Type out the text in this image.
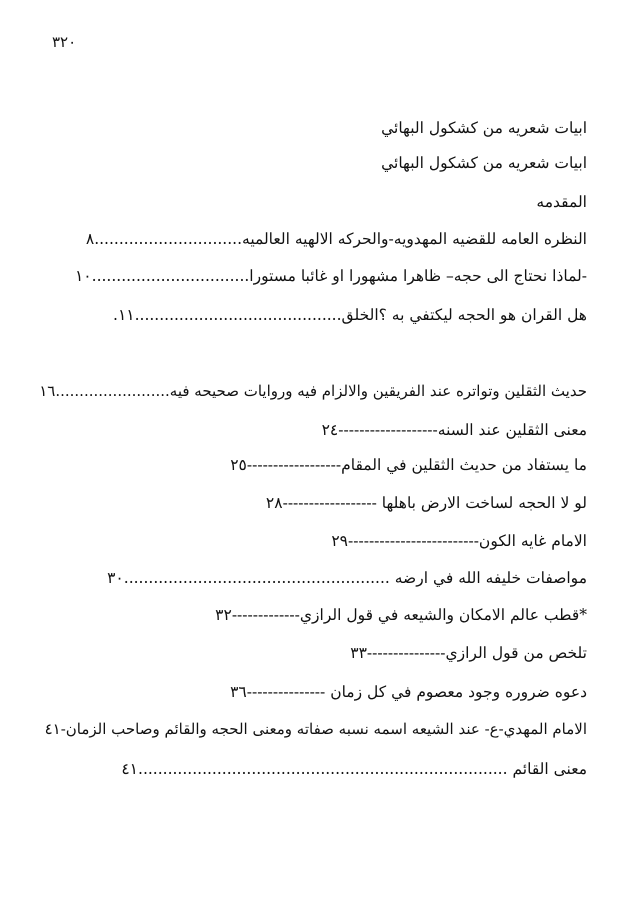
٣٢٠
ابيات شعريه من كشكول البهائي
ابيات شعريه من كشكول البهائي
المقدمه
النظره العامه للقضيه المهدويه-والحركه الالهيه العالميه..............................٨
-لماذا نحتاج الى حجه– ظاهرا مشهورا او غائبا مستورا................................١٠
هل القران هو الحجه ليكتفي به ؟الخلق..........................................١١.
حديث الثقلين وتواتره عند الفريقين والالزام فيه وروايات صحيحه فيه........................١٦
معنى الثقلين عند السنه-------------------٢٤
ما يستفاد من حديث الثقلين في المقام------------------٢٥
لو لا الحجه لساخت الارض باهلها ------------------٢٨
الامام غايه الكون-------------------------٢٩
مواصفات خليفه الله في ارضه ......................................................٣٠
*قطب عالم الامكان والشيعه في قول الرازي-------------٣٢
تلخص من قول الرازي---------------٣٣
دعوه ضروره وجود معصوم في كل زمان ---------------٣٦
الامام المهدي-ع- عند الشيعه اسمه نسبه صفاته ومعنى الحجه والقائم وصاحب الزمان-٤١
معنى القائم ...........................................................................٤١
